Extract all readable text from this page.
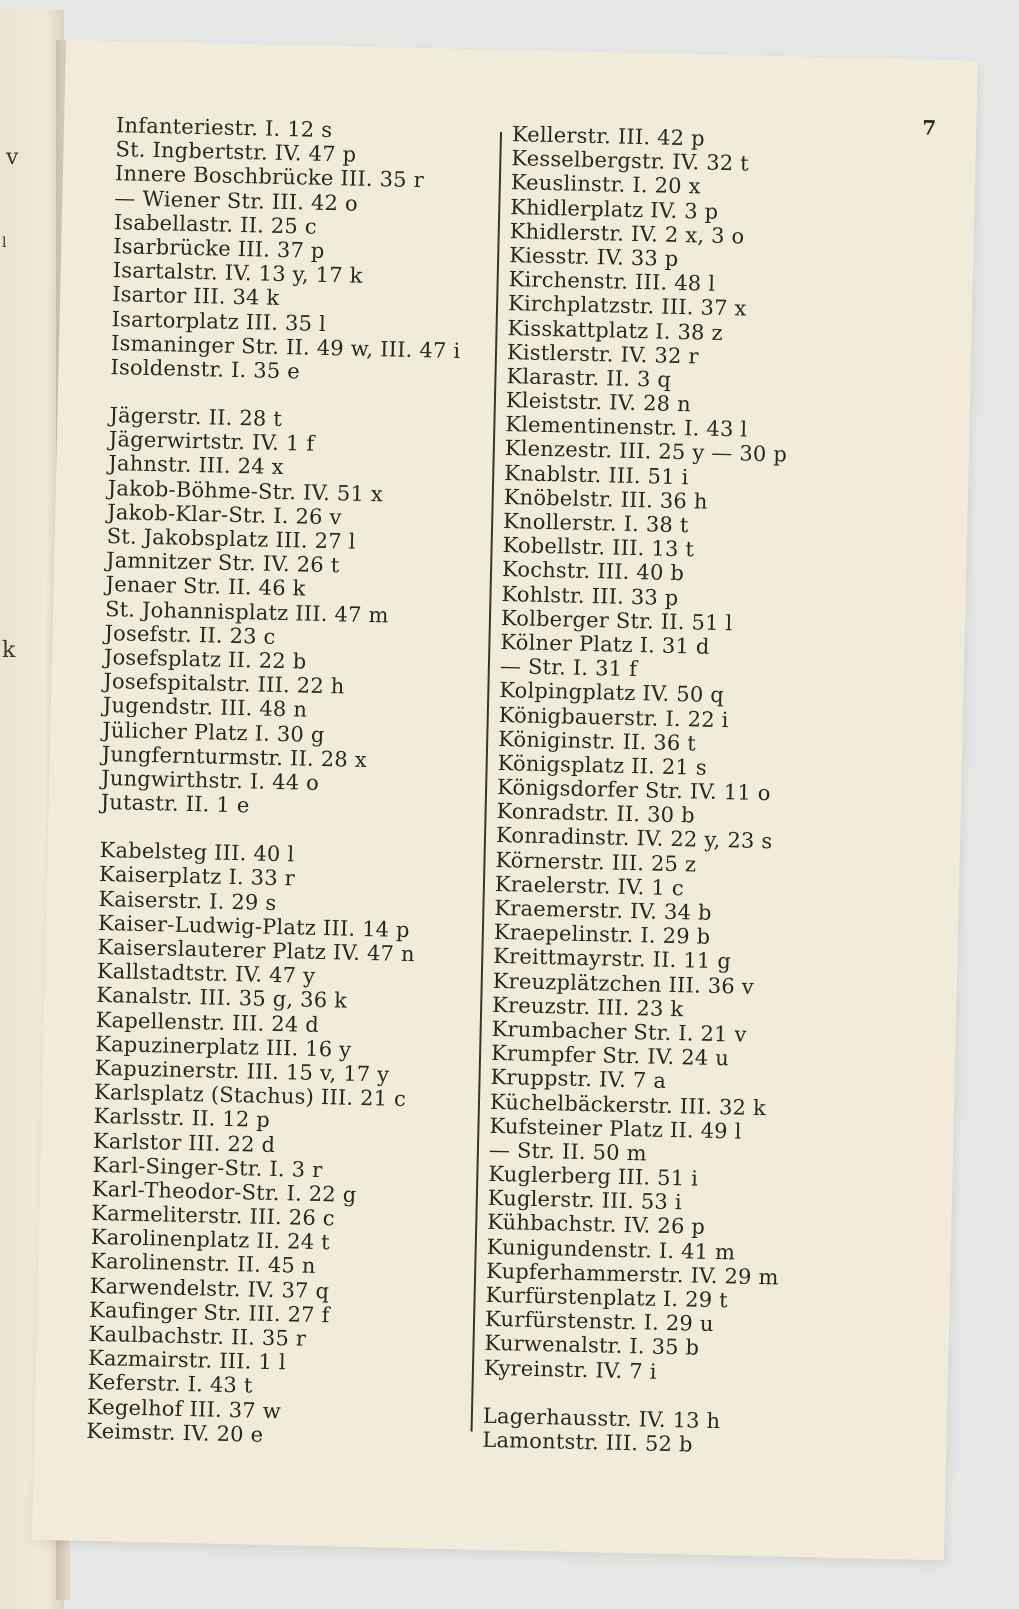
v
l
k
7
Infanteriestr. I. 12 s
St. Ingbertstr. IV. 47 p
Innere Boschbrücke III. 35 r
— Wiener Str. III. 42 o
Isabellastr. II. 25 c
Isarbrücke III. 37 p
Isartalstr. IV. 13 y, 17 k
Isartor III. 34 k
Isartorplatz III. 35 l
Ismaninger Str. II. 49 w, III. 47 i
Isoldenstr. I. 35 e
Jägerstr. II. 28 t
Jägerwirtstr. IV. 1 f
Jahnstr. III. 24 x
Jakob-Böhme-Str. IV. 51 x
Jakob-Klar-Str. I. 26 v
St. Jakobsplatz III. 27 l
Jamnitzer Str. IV. 26 t
Jenaer Str. II. 46 k
St. Johannisplatz III. 47 m
Josefstr. II. 23 c
Josefsplatz II. 22 b
Josefspitalstr. III. 22 h
Jugendstr. III. 48 n
Jülicher Platz I. 30 g
Jungfernturmstr. II. 28 x
Jungwirthstr. I. 44 o
Jutastr. II. 1 e
Kabelsteg III. 40 l
Kaiserplatz I. 33 r
Kaiserstr. I. 29 s
Kaiser-Ludwig-Platz III. 14 p
Kaiserslauterer Platz IV. 47 n
Kallstadtstr. IV. 47 y
Kanalstr. III. 35 g, 36 k
Kapellenstr. III. 24 d
Kapuzinerplatz III. 16 y
Kapuzinerstr. III. 15 v, 17 y
Karlsplatz (Stachus) III. 21 c
Karlsstr. II. 12 p
Karlstor III. 22 d
Karl-Singer-Str. I. 3 r
Karl-Theodor-Str. I. 22 g
Karmeliterstr. III. 26 c
Karolinenplatz II. 24 t
Karolinenstr. II. 45 n
Karwendelstr. IV. 37 q
Kaufinger Str. III. 27 f
Kaulbachstr. II. 35 r
Kazmairstr. III. 1 l
Keferstr. I. 43 t
Kegelhof III. 37 w
Keimstr. IV. 20 e
Kellerstr. III. 42 p
Kesselbergstr. IV. 32 t
Keuslinstr. I. 20 x
Khidlerplatz IV. 3 p
Khidlerstr. IV. 2 x, 3 o
Kiesstr. IV. 33 p
Kirchenstr. III. 48 l
Kirchplatzstr. III. 37 x
Kisskattplatz I. 38 z
Kistlerstr. IV. 32 r
Klarastr. II. 3 q
Kleiststr. IV. 28 n
Klementinenstr. I. 43 l
Klenzestr. III. 25 y — 30 p
Knablstr. III. 51 i
Knöbelstr. III. 36 h
Knollerstr. I. 38 t
Kobellstr. III. 13 t
Kochstr. III. 40 b
Kohlstr. III. 33 p
Kolberger Str. II. 51 l
Kölner Platz I. 31 d
— Str. I. 31 f
Kolpingplatz IV. 50 q
Königbauerstr. I. 22 i
Königinstr. II. 36 t
Königsplatz II. 21 s
Königsdorfer Str. IV. 11 o
Konradstr. II. 30 b
Konradinstr. IV. 22 y, 23 s
Körnerstr. III. 25 z
Kraelerstr. IV. 1 c
Kraemerstr. IV. 34 b
Kraepelinstr. I. 29 b
Kreittmayrstr. II. 11 g
Kreuzplätzchen III. 36 v
Kreuzstr. III. 23 k
Krumbacher Str. I. 21 v
Krumpfer Str. IV. 24 u
Kruppstr. IV. 7 a
Küchelbäckerstr. III. 32 k
Kufsteiner Platz II. 49 l
— Str. II. 50 m
Kuglerberg III. 51 i
Kuglerstr. III. 53 i
Kühbachstr. IV. 26 p
Kunigundenstr. I. 41 m
Kupferhammerstr. IV. 29 m
Kurfürstenplatz I. 29 t
Kurfürstenstr. I. 29 u
Kurwenalstr. I. 35 b
Kyreinstr. IV. 7 i
Lagerhausstr. IV. 13 h
Lamontstr. III. 52 b
